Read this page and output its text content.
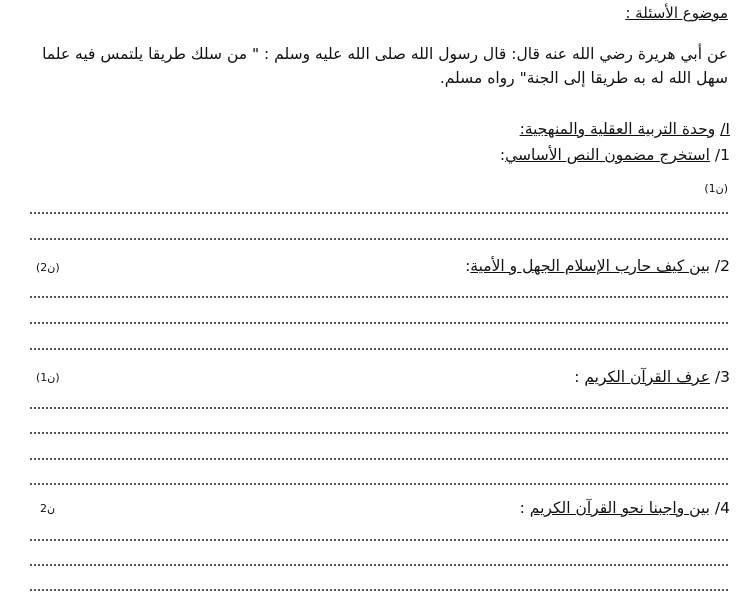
موضوع الأسئلة :
عن أبي هريرة رضي الله عنه قال: قال رسول الله صلى الله عليه وسلم : " من سلك طريقا يلتمس فيه علما سهل الله له به طريقا إلى الجنة" رواه مسلم.
I/ وحدة التربية العقلية والمنهجية:
1/ استخرج مضمون النص الأساسي:
(1ن)
2/ بين كيف حارب الإسلام الجهل و الأمية:
(2ن)
3/ عرف القرآن الكريم :
(1ن)
4/ بين واجبنا نحو القرآن الكريم :
2ن
